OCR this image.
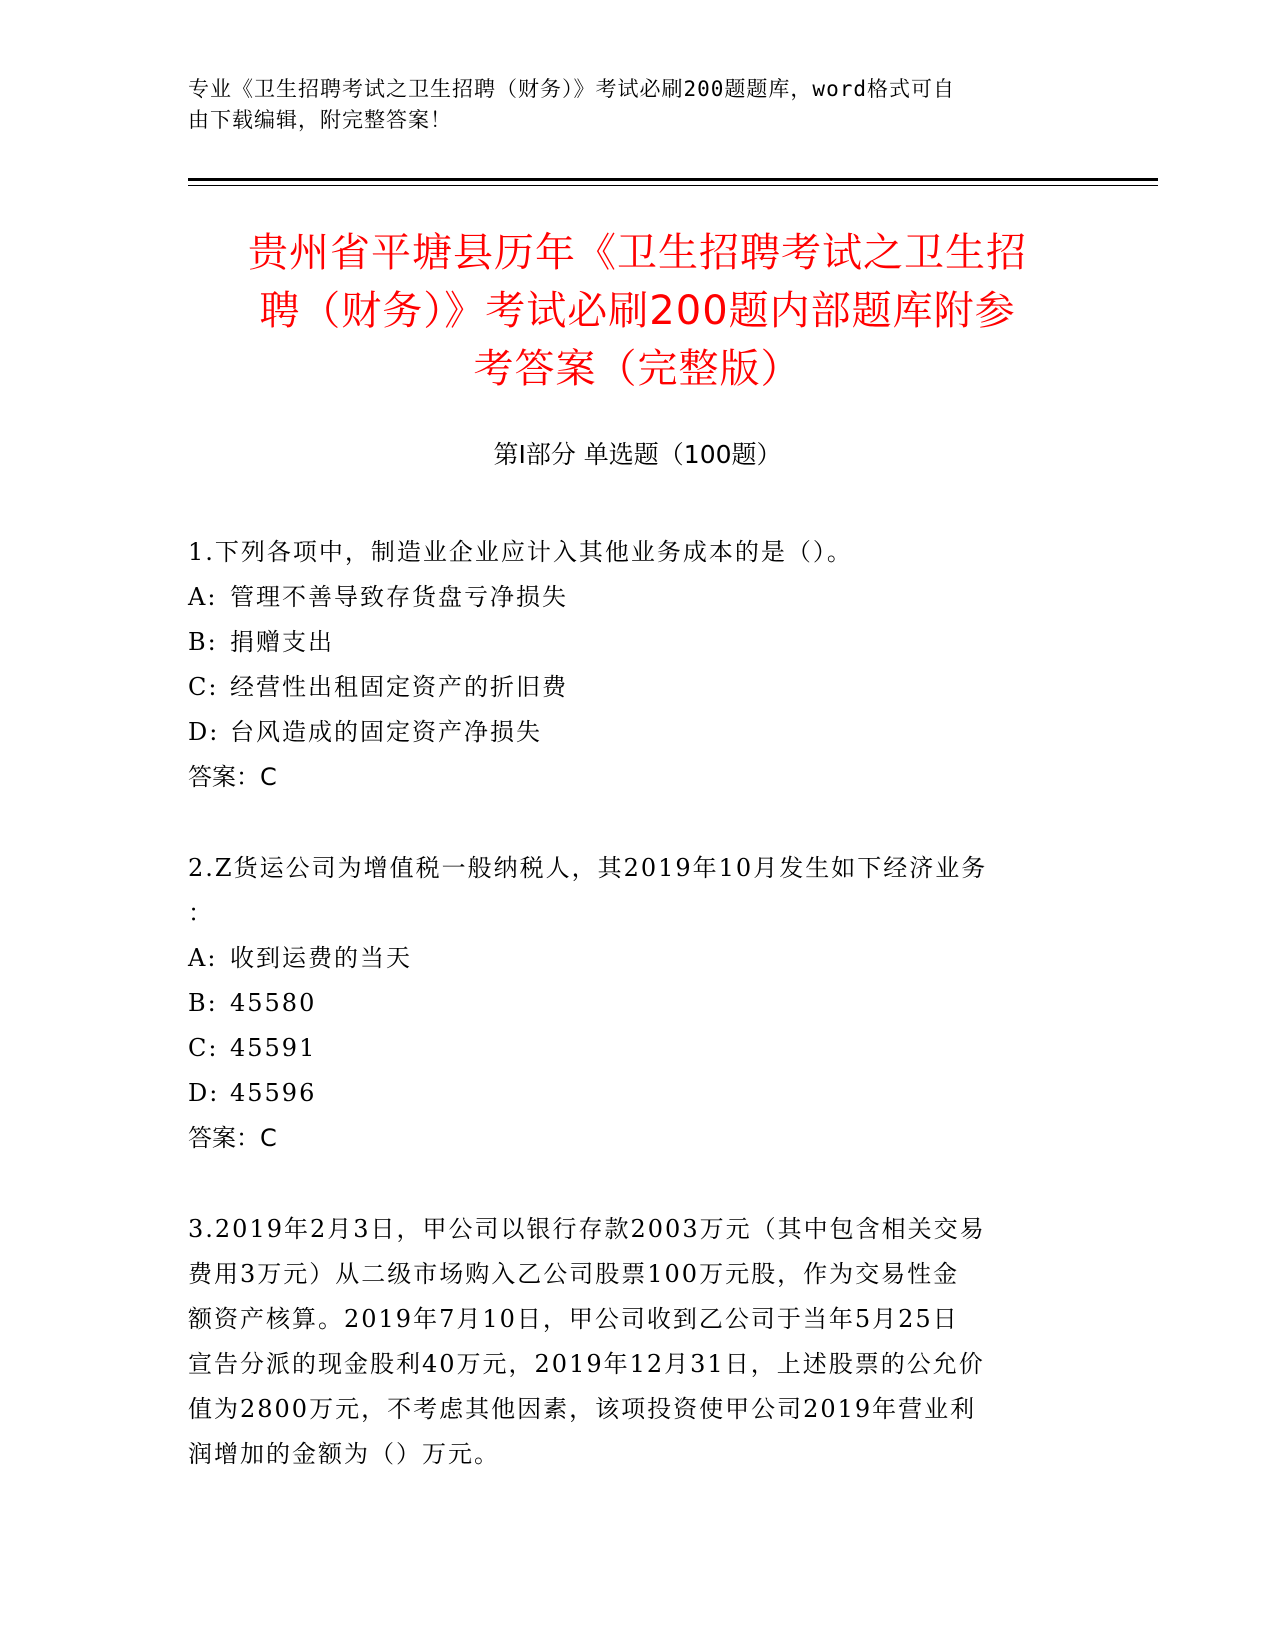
专业《卫生招聘考试之卫生招聘（财务）》考试必刷200题题库，word格式可自
由下载编辑，附完整答案！
贵州省平塘县历年《卫生招聘考试之卫生招
聘（财务）》考试必刷200题内部题库附参
考答案（完整版）
第Ⅰ部分 单选题（100题）
1.下列各项中，制造业企业应计入其他业务成本的是（）。
A: 管理不善导致存货盘亏净损失
B: 捐赠支出
C: 经营性出租固定资产的折旧费
D: 台风造成的固定资产净损失
答案：C
2.Z货运公司为增值税一般纳税人，其2019年10月发生如下经济业务
：
A: 收到运费的当天
B: 45580
C: 45591
D: 45596
答案：C
3.2019年2月3日，甲公司以银行存款2003万元（其中包含相关交易
费用3万元）从二级市场购入乙公司股票100万元股，作为交易性金
额资产核算。2019年7月10日，甲公司收到乙公司于当年5月25日
宣告分派的现金股利40万元，2019年12月31日，上述股票的公允价
值为2800万元，不考虑其他因素，该项投资使甲公司2019年营业利
润增加的金额为（）万元。
